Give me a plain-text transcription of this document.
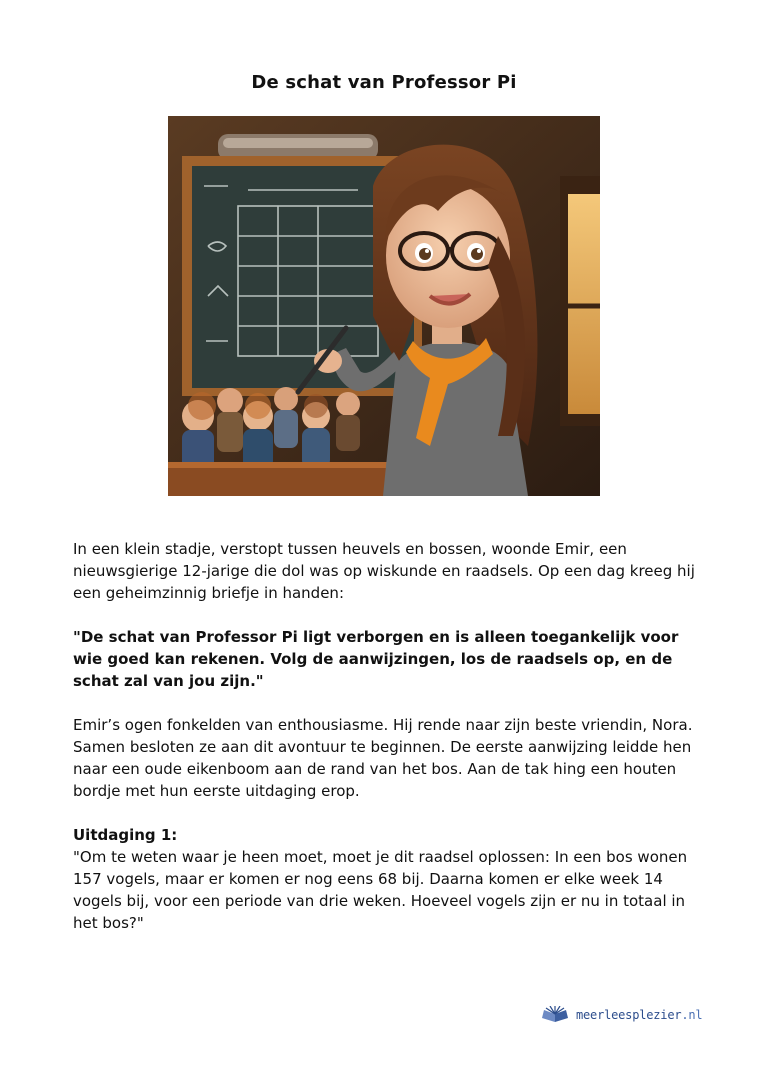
De schat van Professor Pi

In een klein stadje, verstopt tussen heuvels en bossen, woonde Emir, een nieuwsgierige 12-jarige die dol was op wiskunde en raadsels. Op een dag kreeg hij een geheimzinnig briefje in handen:

"De schat van Professor Pi ligt verborgen en is alleen toegankelijk voor wie goed kan rekenen. Volg de aanwijzingen, los de raadsels op, en de schat zal van jou zijn."

Emir’s ogen fonkelden van enthousiasme. Hij rende naar zijn beste vriendin, Nora. Samen besloten ze aan dit avontuur te beginnen. De eerste aanwijzing leidde hen naar een oude eikenboom aan de rand van het bos. Aan de tak hing een houten bordje met hun eerste uitdaging erop.

Uitdaging 1:
"Om te weten waar je heen moet, moet je dit raadsel oplossen: In een bos wonen 157 vogels, maar er komen er nog eens 68 bij. Daarna komen er elke week 14 vogels bij, voor een periode van drie weken. Hoeveel vogels zijn er nu in totaal in het bos?"
meerleesplezier.nl
